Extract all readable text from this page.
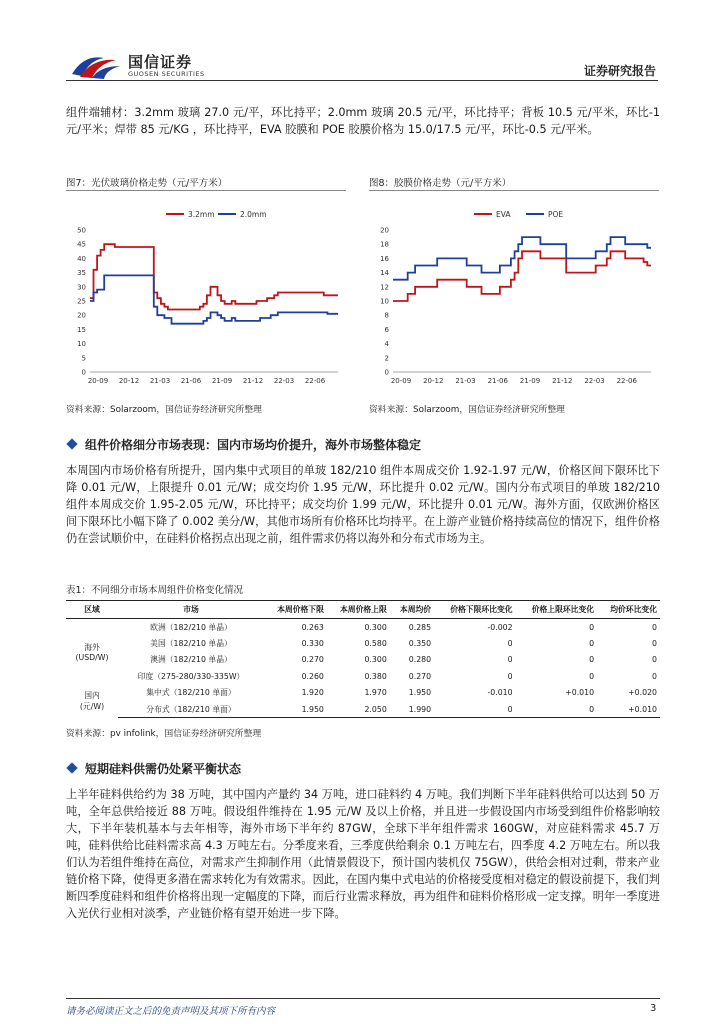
国信证券
GUOSEN SECURITIES	证券研究报告
组件端辅材：3.2mm 玻璃 27.0 元/平，环比持平；2.0mm 玻璃 20.5 元/平，环比持平；背板 10.5 元/平米，环比-1 元/平米；焊带 85 元/KG ，环比持平，EVA 胶膜和 POE 胶膜价格为 15.0/17.5 元/平，环比-0.5 元/平米。
图7：光伏玻璃价格走势（元/平方米）
0
5
10
15
20
25
30
35
40
45
50
20-09 20-12 21-03 21-06 21-09 21-12 22-03 22-06
3.2mm	2.0mm
资料来源：Solarzoom，国信证券经济研究所整理
图8：胶膜价格走势（元/平方米）
0
2
4
6
8
10
12
14
16
18
20
20-09 20-12 21-03 21-06 21-09 21-12 22-03 22-06
EVA	POE
资料来源：Solarzoom，国信证券经济研究所整理
组件价格细分市场表现：国内市场均价提升，海外市场整体稳定
本周国内市场价格有所提升，国内集中式项目的单玻 182/210 组件本周成交价 1.92-1.97 元/W，价格区间下限环比下降 0.01 元/W，上限提升 0.01 元/W；成交均价 1.95 元/W，环比提升 0.02 元/W。国内分布式项目的单玻 182/210 组件本周成交价 1.95-2.05 元/W，环比持平；成交均价 1.99 元/W，环比提升 0.01 元/W。海外方面，仅欧洲价格区间下限环比小幅下降了 0.002 美分/W，其他市场所有价格环比均持平。在上游产业链价格持续高位的情况下，组件价格仍在尝试顺价中，在硅料价格拐点出现之前，组件需求仍将以海外和分布式市场为主。
表1：不同细分市场本周组件价格变化情况
区域	市场	本周价格下限	本周价格上限	本周均价	价格下限环比变化	价格上限环比变化	均价环比变化

海外
(USD/W)	欧洲（182/210 单晶）	0.263	0.300	0.285	-0.002	0	0
	美国（182/210 单晶）	0.330	0.580	0.350	0	0	0
	澳洲（182/210 单晶）	0.270	0.300	0.280	0	0	0
	印度（275-280/330-335W）	0.260	0.380	0.270	0	0	0

国内
(元/W)	集中式（182/210 单面）	1.920	1.970	1.950	-0.010	+0.010	+0.020
	分布式（182/210 单面）	1.950	2.050	1.990	0	0	+0.010
资料来源：pv infolink，国信证券经济研究所整理
短期硅料供需仍处紧平衡状态
上半年硅料供给约为 38 万吨，其中国内产量约 34 万吨，进口硅料约 4 万吨。我们判断下半年硅料供给可以达到 50 万吨，全年总供给接近 88 万吨。假设组件维持在 1.95 元/W 及以上价格，并且进一步假设国内市场受到组件价格影响较大，下半年装机基本与去年相等，海外市场下半年约 87GW，全球下半年组件需求 160GW，对应硅料需求 45.7 万吨，硅料供给比硅料需求高 4.3 万吨左右。分季度来看，三季度供给剩余 0.1 万吨左右，四季度 4.2 万吨左右。所以我们认为若组件维持在高位，对需求产生抑制作用（此情景假设下，预计国内装机仅 75GW），供给会相对过剩，带来产业链价格下降，使得更多潜在需求转化为有效需求。因此，在国内集中式电站的价格接受度相对稳定的假设前提下，我们判断四季度硅料和组件价格将出现一定幅度的下降，而后行业需求释放，再为组件和硅料价格形成一定支撑。明年一季度进入光伏行业相对淡季，产业链价格有望开始进一步下降。
请务必阅读正文之后的免责声明及其项下所有内容	3
